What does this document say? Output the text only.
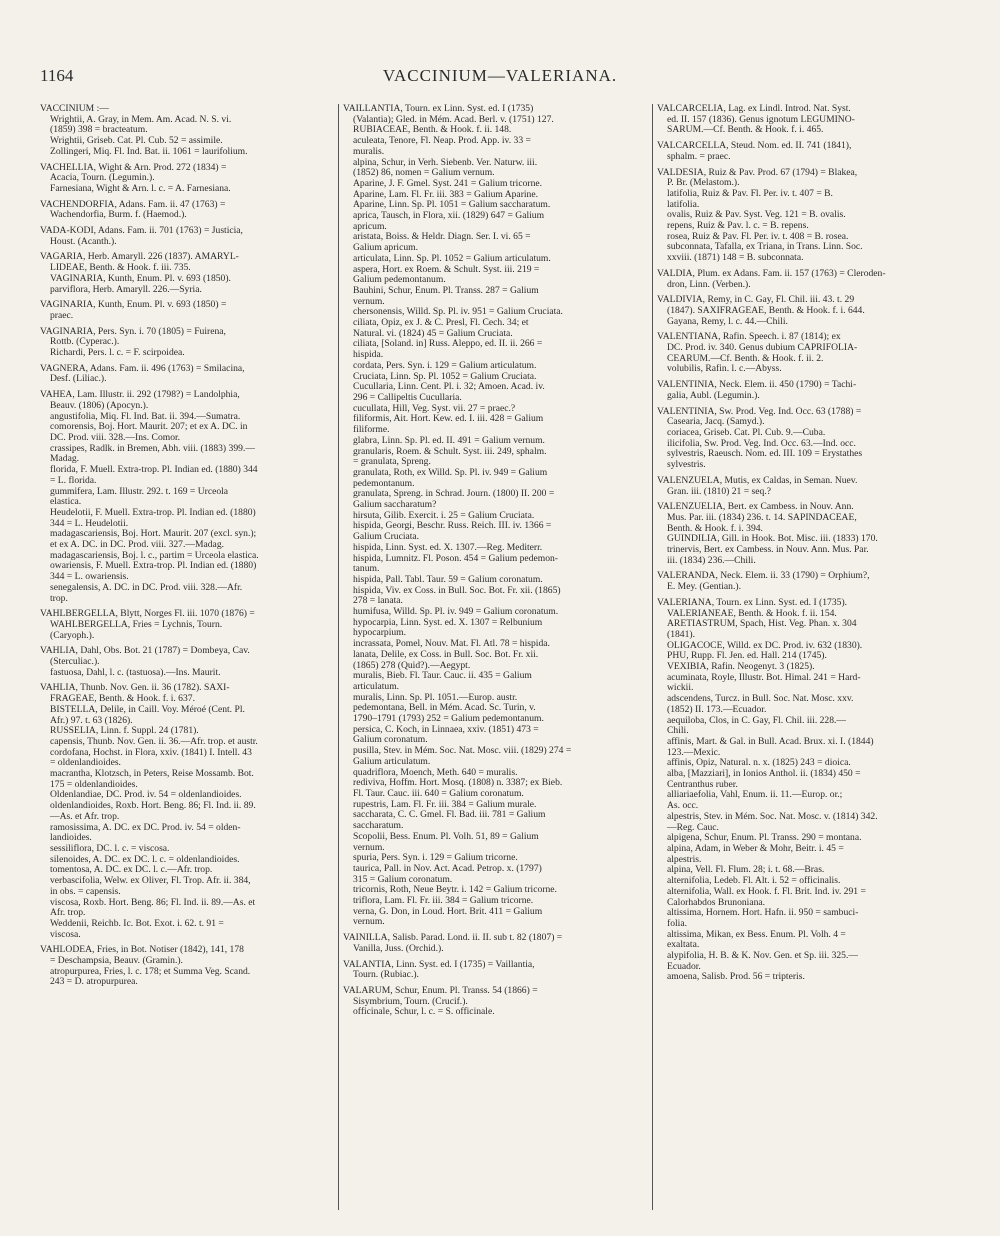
1164	VACCINIUM—VALERIANA.
VACCINIUM :—
Wrightii, A. Gray, in Mem. Am. Acad. N. S. vi.
(1859) 398 = bracteatum.
Wrightii, Griseb. Cat. Pl. Cub. 52 = assimile.
Zollingeri, Miq. Fl. Ind. Bat. ii. 1061 = laurifolium.
VACHELLIA, Wight & Arn. Prod. 272 (1834) =
Acacia, Tourn. (Legumin.).
Farnesiana, Wight & Arn. l. c. = A. Farnesiana.
VACHENDORFIA, Adans. Fam. ii. 47 (1763) =
Wachendorfia, Burm. f. (Haemod.).
VADA-KODI, Adans. Fam. ii. 701 (1763) = Justicia,
Houst. (Acanth.).
VAGARIA, Herb. Amaryll. 226 (1837). AMARYL-
LIDEAE, Benth. & Hook. f. iii. 735.
VAGINARIA, Kunth, Enum. Pl. v. 693 (1850).
parviflora, Herb. Amaryll. 226.—Syria.
VAGINARIA, Kunth, Enum. Pl. v. 693 (1850) =
praec.
VAGINARIA, Pers. Syn. i. 70 (1805) = Fuirena,
Rottb. (Cyperac.).
Richardi, Pers. l. c. = F. scirpoidea.
VAGNERA, Adans. Fam. ii. 496 (1763) = Smilacina,
Desf. (Liliac.).
VAHEA, Lam. Illustr. ii. 292 (1798?) = Landolphia,
Beauv. (1806) (Apocyn.).
angustifolia, Miq. Fl. Ind. Bat. ii. 394.—Sumatra.
comorensis, Boj. Hort. Maurit. 207; et ex A. DC. in
DC. Prod. viii. 328.—Ins. Comor.
crassipes, Radlk. in Bremen, Abh. viii. (1883) 399.—
Madag.
florida, F. Muell. Extra-trop. Pl. Indian ed. (1880) 344
= L. florida.
gummifera, Lam. Illustr. 292. t. 169 = Urceola
elastica.
Heudelotii, F. Muell. Extra-trop. Pl. Indian ed. (1880)
344 = L. Heudelotii.
madagascariensis, Boj. Hort. Maurit. 207 (excl. syn.);
et ex A. DC. in DC. Prod. viii. 327.—Madag.
madagascariensis, Boj. l. c., partim = Urceola elastica.
owariensis, F. Muell. Extra-trop. Pl. Indian ed. (1880)
344 = L. owariensis.
senegalensis, A. DC. in DC. Prod. viii. 328.—Afr.
trop.
VAHLBERGELLA, Blytt, Norges Fl. iii. 1070 (1876) =
WAHLBERGELLA, Fries = Lychnis, Tourn.
(Caryoph.).
VAHLIA, Dahl, Obs. Bot. 21 (1787) = Dombeya, Cav.
(Sterculiac.).
fastuosa, Dahl, l. c. (tastuosa).—Ins. Maurit.
VAHLIA, Thunb. Nov. Gen. ii. 36 (1782). SAXI-
FRAGEAE, Benth. & Hook. f. i. 637.
BISTELLA, Delile, in Caill. Voy. Méroé (Cent. Pl.
Afr.) 97. t. 63 (1826).
RUSSELIA, Linn. f. Suppl. 24 (1781).
capensis, Thunb. Nov. Gen. ii. 36.—Afr. trop. et austr.
cordofana, Hochst. in Flora, xxiv. (1841) I. Intell. 43
= oldenlandioides.
macrantha, Klotzsch, in Peters, Reise Mossamb. Bot.
175 = oldenlandioides.
Oldenlandiae, DC. Prod. iv. 54 = oldenlandioides.
oldenlandioides, Roxb. Hort. Beng. 86; Fl. Ind. ii. 89.
—As. et Afr. trop.
ramosissima, A. DC. ex DC. Prod. iv. 54 = olden-
landioides.
sessiliflora, DC. l. c. = viscosa.
silenoides, A. DC. ex DC. l. c. = oldenlandioides.
tomentosa, A. DC. ex DC. l. c.—Afr. trop.
verbascifolia, Welw. ex Oliver, Fl. Trop. Afr. ii. 384,
in obs. = capensis.
viscosa, Roxb. Hort. Beng. 86; Fl. Ind. ii. 89.—As. et
Afr. trop.
Weddenii, Reichb. Ic. Bot. Exot. i. 62. t. 91 =
viscosa.
VAHLODEA, Fries, in Bot. Notiser (1842), 141, 178
= Deschampsia, Beauv. (Gramin.).
atropurpurea, Fries, l. c. 178; et Summa Veg. Scand.
243 = D. atropurpurea.
VAILLANTIA, Tourn. ex Linn. Syst. ed. I (1735)
(Valantia); Gled. in Mém. Acad. Berl. v. (1751) 127.
RUBIACEAE, Benth. & Hook. f. ii. 148.
aculeata, Tenore, Fl. Neap. Prod. App. iv. 33 =
muralis.
alpina, Schur, in Verh. Siebenb. Ver. Naturw. iii.
(1852) 86, nomen = Galium vernum.
Aparine, J. F. Gmel. Syst. 241 = Galium tricorne.
Aparine, Lam. Fl. Fr. iii. 383 = Galium Aparine.
Aparine, Linn. Sp. Pl. 1051 = Galium saccharatum.
aprica, Tausch, in Flora, xii. (1829) 647 = Galium
apricum.
aristata, Boiss. & Heldr. Diagn. Ser. I. vi. 65 =
Galium apricum.
articulata, Linn. Sp. Pl. 1052 = Galium articulatum.
aspera, Hort. ex Roem. & Schult. Syst. iii. 219 =
Galium pedemontanum.
Bauhini, Schur, Enum. Pl. Transs. 287 = Galium
vernum.
chersonensis, Willd. Sp. Pl. iv. 951 = Galium Cruciata.
ciliata, Opiz, ex J. & C. Presl, Fl. Čech. 34; et
Natural. vi. (1824) 45 = Galium Cruciata.
ciliata, [Soland. in] Russ. Aleppo, ed. II. ii. 266 =
hispida.
cordata, Pers. Syn. i. 129 = Galium articulatum.
Cruciata, Linn. Sp. Pl. 1052 = Galium Cruciata.
Cucullaria, Linn. Cent. Pl. i. 32; Amoen. Acad. iv.
296 = Callipeltis Cucullaria.
cucullata, Hill, Veg. Syst. vii. 27 = praec.?
filiformis, Ait. Hort. Kew. ed. I. iii. 428 = Galium
filiforme.
glabra, Linn. Sp. Pl. ed. II. 491 = Galium vernum.
granularis, Roem. & Schult. Syst. iii. 249, sphalm.
= granulata, Spreng.
granulata, Roth, ex Willd. Sp. Pl. iv. 949 = Galium
pedemontanum.
granulata, Spreng. in Schrad. Journ. (1800) II. 200 =
Galium saccharatum?
hirsuta, Gilib. Exercit. i. 25 = Galium Cruciata.
hispida, Georgi, Beschr. Russ. Reich. III. iv. 1366 =
Galium Cruciata.
hispida, Linn. Syst. ed. X. 1307.—Reg. Mediterr.
hispida, Lumnitz. Fl. Poson. 454 = Galium pedemon-
tanum.
hispida, Pall. Tabl. Taur. 59 = Galium coronatum.
hispida, Viv. ex Coss. in Bull. Soc. Bot. Fr. xii. (1865)
278 = lanata.
humifusa, Willd. Sp. Pl. iv. 949 = Galium coronatum.
hypocarpia, Linn. Syst. ed. X. 1307 = Relbunium
hypocarpium.
incrassata, Pomel, Nouv. Mat. Fl. Atl. 78 = hispida.
lanata, Delile, ex Coss. in Bull. Soc. Bot. Fr. xii.
(1865) 278 (Quid?).—Aegypt.
muralis, Bieb. Fl. Taur. Cauc. ii. 435 = Galium
articulatum.
muralis, Linn. Sp. Pl. 1051.—Europ. austr.
pedemontana, Bell. in Mém. Acad. Sc. Turin, v.
1790–1791 (1793) 252 = Galium pedemontanum.
persica, C. Koch, in Linnaea, xxiv. (1851) 473 =
Galium coronatum.
pusilla, Stev. in Mém. Soc. Nat. Mosc. viii. (1829) 274 =
Galium articulatum.
quadriflora, Moench, Meth. 640 = muralis.
rediviva, Hoffm. Hort. Mosq. (1808) n. 3387; ex Bieb.
Fl. Taur. Cauc. iii. 640 = Galium coronatum.
rupestris, Lam. Fl. Fr. iii. 384 = Galium murale.
saccharata, C. C. Gmel. Fl. Bad. iii. 781 = Galium
saccharatum.
Scopolii, Bess. Enum. Pl. Volh. 51, 89 = Galium
vernum.
spuria, Pers. Syn. i. 129 = Galium tricorne.
taurica, Pall. in Nov. Act. Acad. Petrop. x. (1797)
315 = Galium coronatum.
tricornis, Roth, Neue Beytr. i. 142 = Galium tricorne.
triflora, Lam. Fl. Fr. iii. 384 = Galium tricorne.
verna, G. Don, in Loud. Hort. Brit. 411 = Galium
vernum.
VAINILLA, Salisb. Parad. Lond. ii. II. sub t. 82 (1807) =
Vanilla, Juss. (Orchid.).
VALANTIA, Linn. Syst. ed. I (1735) = Vaillantia,
Tourn. (Rubiac.).
VALARUM, Schur, Enum. Pl. Transs. 54 (1866) =
Sisymbrium, Tourn. (Crucif.).
officinale, Schur, l. c. = S. officinale.
VALCARCELIA, Lag. ex Lindl. Introd. Nat. Syst.
ed. II. 157 (1836). Genus ignotum LEGUMINO-
SARUM.—Cf. Benth. & Hook. f. i. 465.
VALCARCELLA, Steud. Nom. ed. II. 741 (1841),
sphalm. = praec.
VALDESIA, Ruiz & Pav. Prod. 67 (1794) = Blakea,
P. Br. (Melastom.).
latifolia, Ruiz & Pav. Fl. Per. iv. t. 407 = B.
latifolia.
ovalis, Ruiz & Pav. Syst. Veg. 121 = B. ovalis.
repens, Ruiz & Pav. l. c. = B. repens.
rosea, Ruiz & Pav. Fl. Per. iv. t. 408 = B. rosea.
subconnata, Tafalla, ex Triana, in Trans. Linn. Soc.
xxviii. (1871) 148 = B. subconnata.
VALDIA, Plum. ex Adans. Fam. ii. 157 (1763) = Cleroden-
dron, Linn. (Verben.).
VALDIVIA, Remy, in C. Gay, Fl. Chil. iii. 43. t. 29
(1847). SAXIFRAGEAE, Benth. & Hook. f. i. 644.
Gayana, Remy, l. c. 44.—Chili.
VALENTIANA, Rafin. Speech. i. 87 (1814); ex
DC. Prod. iv. 340. Genus dubium CAPRIFOLIA-
CEARUM.—Cf. Benth. & Hook. f. ii. 2.
volubilis, Rafin. l. c.—Abyss.
VALENTINIA, Neck. Elem. ii. 450 (1790) = Tachi-
galia, Aubl. (Legumin.).
VALENTINIA, Sw. Prod. Veg. Ind. Occ. 63 (1788) =
Casearia, Jacq. (Samyd.).
coriacea, Griseb. Cat. Pl. Cub. 9.—Cuba.
ilicifolia, Sw. Prod. Veg. Ind. Occ. 63.—Ind. occ.
sylvestris, Raeusch. Nom. ed. III. 109 = Erystathes
sylvestris.
VALENZUELA, Mutis, ex Caldas, in Seman. Nuev.
Gran. iii. (1810) 21 = seq.?
VALENZUELIA, Bert. ex Cambess. in Nouv. Ann.
Mus. Par. iii. (1834) 236. t. 14. SAPINDACEAE,
Benth. & Hook. f. i. 394.
GUINDILIA, Gill. in Hook. Bot. Misc. iii. (1833) 170.
trinervis, Bert. ex Cambess. in Nouv. Ann. Mus. Par.
iii. (1834) 236.—Chili.
VALERANDA, Neck. Elem. ii. 33 (1790) = Orphium?,
E. Mey. (Gentian.).
VALERIANA, Tourn. ex Linn. Syst. ed. I (1735).
VALERIANEAE, Benth. & Hook. f. ii. 154.
ARETIASTRUM, Spach, Hist. Veg. Phan. x. 304
(1841).
OLIGACOCE, Willd. ex DC. Prod. iv. 632 (1830).
PHU, Rupp. Fl. Jen. ed. Hall. 214 (1745).
VEXIBIA, Rafin. Neogenyt. 3 (1825).
acuminata, Royle, Illustr. Bot. Himal. 241 = Hard-
wickii.
adscendens, Turcz. in Bull. Soc. Nat. Mosc. xxv.
(1852) II. 173.—Ecuador.
aequiloba, Clos, in C. Gay, Fl. Chil. iii. 228.—
Chili.
affinis, Mart. & Gal. in Bull. Acad. Brux. xi. I. (1844)
123.—Mexic.
affinis, Opiz, Natural. n. x. (1825) 243 = dioica.
alba, [Mazziari], in Ionios Anthol. ii. (1834) 450 =
Centranthus ruber.
alliariaefolia, Vahl, Enum. ii. 11.—Europ. or.;
As. occ.
alpestris, Stev. in Mém. Soc. Nat. Mosc. v. (1814) 342.
—Reg. Cauc.
alpigena, Schur, Enum. Pl. Transs. 290 = montana.
alpina, Adam, in Weber & Mohr, Beitr. i. 45 =
alpestris.
alpina, Vell. Fl. Flum. 28; i. t. 68.—Bras.
alternifolia, Ledeb. Fl. Alt. i. 52 = officinalis.
alternifolia, Wall. ex Hook. f. Fl. Brit. Ind. iv. 291 =
Calorhabdos Brunoniana.
altissima, Hornem. Hort. Hafn. ii. 950 = sambuci-
folia.
altissima, Mikan, ex Bess. Enum. Pl. Volh. 4 =
exaltata.
alypifolia, H. B. & K. Nov. Gen. et Sp. iii. 325.—
Ecuador.
amoena, Salisb. Prod. 56 = tripteris.
